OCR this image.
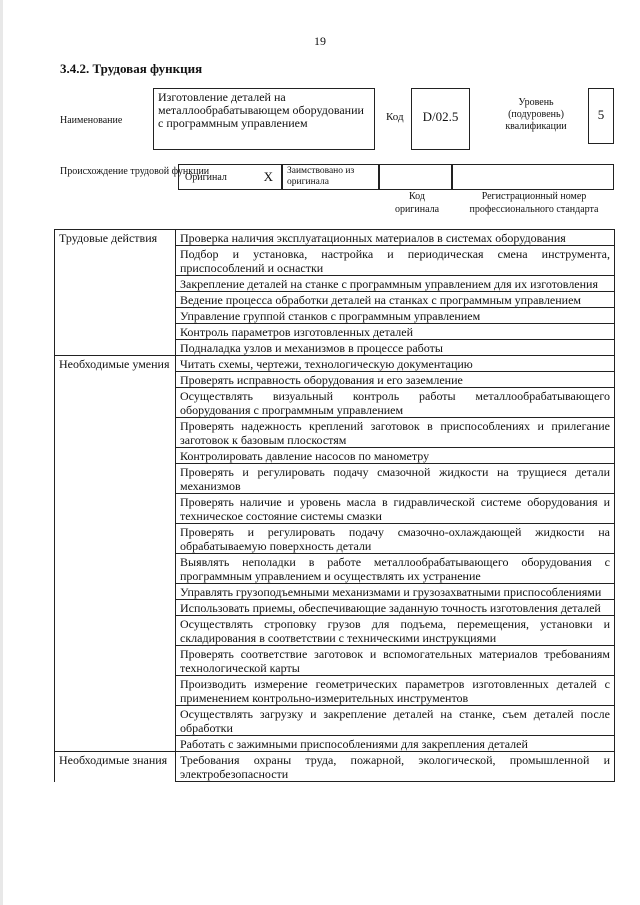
19
3.4.2. Трудовая функция
Наименование
Изготовление деталей на металлообрабатывающем оборудовании с программным управлением	Код	D/02.5
Уровень (подуровень) квалификации
5
Происхождение трудовой функции
Оригинал	X	Заимствовано из оригинала
Код оригинала
Регистрационный номер профессионального стандарта
Трудовые действия	Проверка наличия эксплуатационных материалов в системах оборудования
	Подбор и установка, настройка и периодическая смена инструмента, приспособлений и оснастки
	Закрепление деталей на станке с программным управлением для их изготовления
	Ведение процесса обработки деталей на станках с программным управлением
	Управление группой станков с программным управлением
	Контроль параметров изготовленных деталей
	Подналадка узлов и механизмов в процессе работы
Необходимые умения	Читать схемы, чертежи, технологическую документацию
	Проверять исправность оборудования и его заземление
	Осуществлять визуальный контроль работы металлообрабатывающего оборудования с программным управлением
	Проверять надежность креплений заготовок в приспособлениях и прилегание заготовок к базовым плоскостям
	Контролировать давление насосов по манометру
	Проверять и регулировать подачу смазочной жидкости на трущиеся детали механизмов
	Проверять наличие и уровень масла в гидравлической системе оборудования и техническое состояние системы смазки
	Проверять и регулировать подачу смазочно-охлаждающей жидкости на обрабатываемую поверхность детали
	Выявлять неполадки в работе металлообрабатывающего оборудования с программным управлением и осуществлять их устранение
	Управлять грузоподъемными механизмами и грузозахватными приспособлениями
	Использовать приемы, обеспечивающие заданную точность изготовления деталей
	Осуществлять строповку грузов для подъема, перемещения, установки и складирования в соответствии с техническими инструкциями
	Проверять соответствие заготовок и вспомогательных материалов требованиям технологической карты
	Производить измерение геометрических параметров изготовленных деталей с применением контрольно-измерительных инструментов
	Осуществлять загрузку и закрепление деталей на станке, съем деталей после обработки
	Работать с зажимными приспособлениями для закрепления деталей
Необходимые знания	Требования охраны труда, пожарной, экологической, промышленной и электробезопасности
